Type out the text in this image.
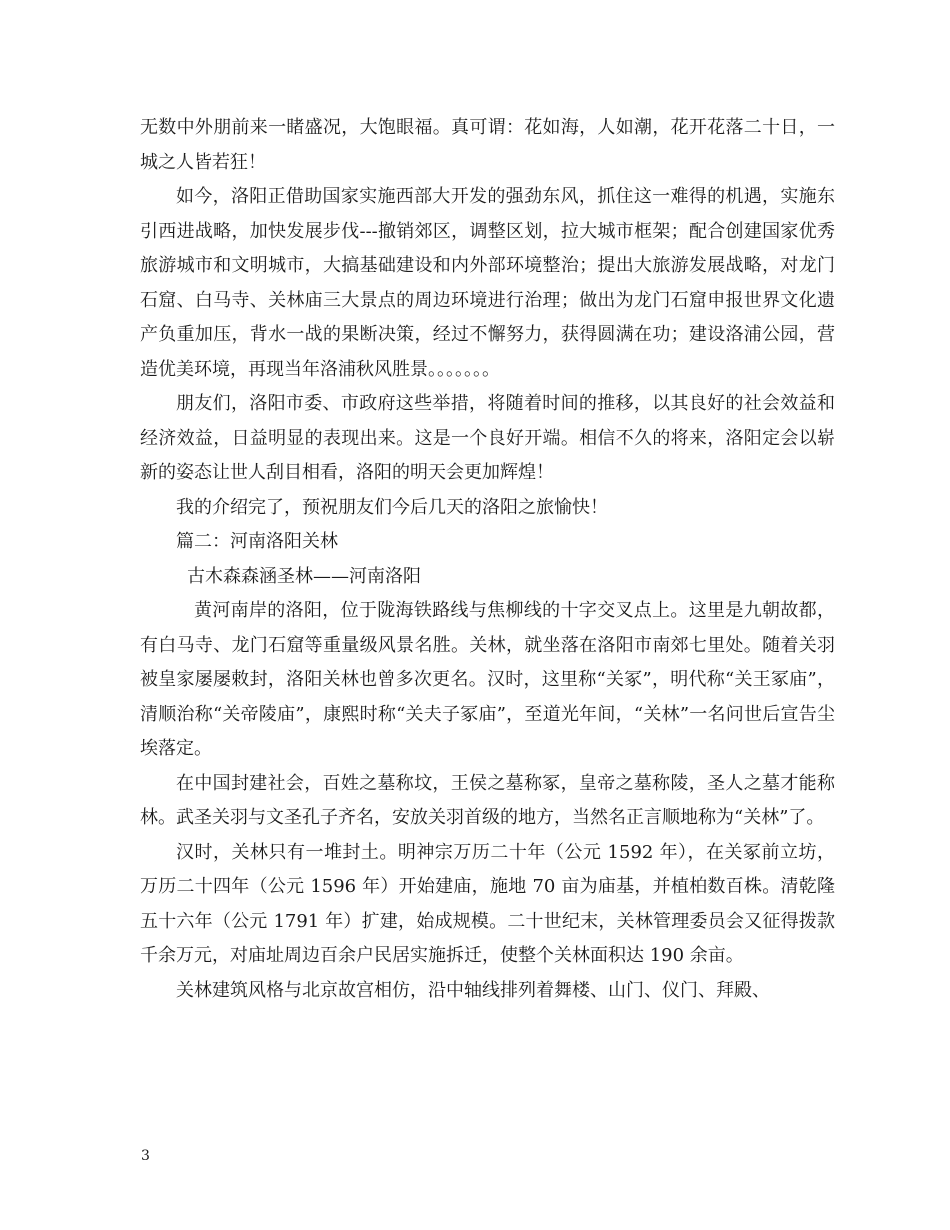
无数中外朋前来一睹盛况，大饱眼福。真可谓：花如海，人如潮，花开花落二十日，一城之人皆若狂！

如今，洛阳正借助国家实施西部大开发的强劲东风，抓住这一难得的机遇，实施东引西进战略，加快发展步伐---撤销郊区，调整区划，拉大城市框架；配合创建国家优秀旅游城市和文明城市，大搞基础建设和内外部环境整治；提出大旅游发展战略，对龙门石窟、白马寺、关林庙三大景点的周边环境进行治理；做出为龙门石窟申报世界文化遗产负重加压，背水一战的果断决策，经过不懈努力，获得圆满在功；建设洛浦公园，营造优美环境，再现当年洛浦秋风胜景。。。。。。。

朋友们，洛阳市委、市政府这些举措，将随着时间的推移，以其良好的社会效益和经济效益，日益明显的表现出来。这是一个良好开端。相信不久的将来，洛阳定会以崭新的姿态让世人刮目相看，洛阳的明天会更加辉煌！

我的介绍完了，预祝朋友们今后几天的洛阳之旅愉快！

篇二：河南洛阳关林

古木森森涵圣林——河南洛阳

黄河南岸的洛阳，位于陇海铁路线与焦柳线的十字交叉点上。这里是九朝故都，有白马寺、龙门石窟等重量级风景名胜。关林，就坐落在洛阳市南郊七里处。随着关羽被皇家屡屡敕封，洛阳关林也曾多次更名。汉时，这里称“关冢”，明代称“关王冢庙”，清顺治称“关帝陵庙”，康熙时称“关夫子冢庙”，至道光年间，“关林”一名问世后宣告尘埃落定。

在中国封建社会，百姓之墓称坟，王侯之墓称冢，皇帝之墓称陵，圣人之墓才能称林。武圣关羽与文圣孔子齐名，安放关羽首级的地方，当然名正言顺地称为“关林”了。

汉时，关林只有一堆封土。明神宗万历二十年（公元 1592 年），在关冢前立坊，万历二十四年（公元 1596 年）开始建庙，施地 70 亩为庙基，并植柏数百株。清乾隆五十六年（公元 1791 年）扩建，始成规模。二十世纪末，关林管理委员会又征得拨款千余万元，对庙址周边百余户民居实施拆迁，使整个关林面积达 190 余亩。

关林建筑风格与北京故宫相仿，沿中轴线排列着舞楼、山门、仪门、拜殿、

3
